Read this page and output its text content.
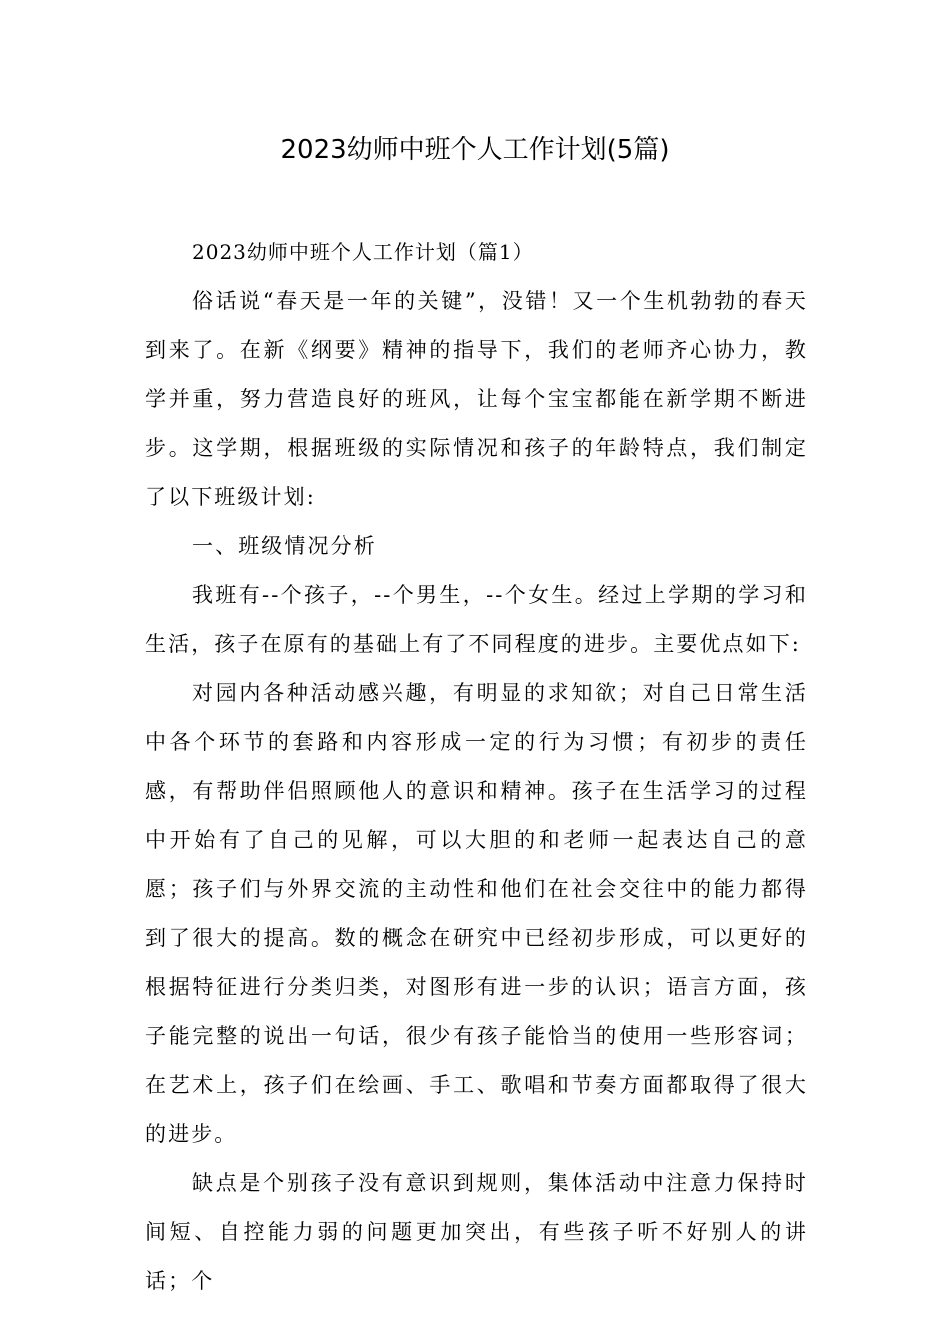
2023幼师中班个人工作计划(5篇)

2023幼师中班个人工作计划（篇1）

俗话说“春天是一年的关键”，没错！又一个生机勃勃的春天到来了。在新《纲要》精神的指导下，我们的老师齐心协力，教学并重，努力营造良好的班风，让每个宝宝都能在新学期不断进步。这学期，根据班级的实际情况和孩子的年龄特点，我们制定了以下班级计划:

一、班级情况分析

我班有--个孩子，--个男生，--个女生。经过上学期的学习和生活，孩子在原有的基础上有了不同程度的进步。主要优点如下:

对园内各种活动感兴趣，有明显的求知欲；对自己日常生活中各个环节的套路和内容形成一定的行为习惯；有初步的责任感，有帮助伴侣照顾他人的意识和精神。孩子在生活学习的过程中开始有了自己的见解，可以大胆的和老师一起表达自己的意愿；孩子们与外界交流的主动性和他们在社会交往中的能力都得到了很大的提高。数的概念在研究中已经初步形成，可以更好的根据特征进行分类归类，对图形有进一步的认识；语言方面，孩子能完整的说出一句话，很少有孩子能恰当的使用一些形容词；在艺术上，孩子们在绘画、手工、歌唱和节奏方面都取得了很大的进步。

缺点是个别孩子没有意识到规则，集体活动中注意力保持时间短、自控能力弱的问题更加突出，有些孩子听不好别人的讲话；个
